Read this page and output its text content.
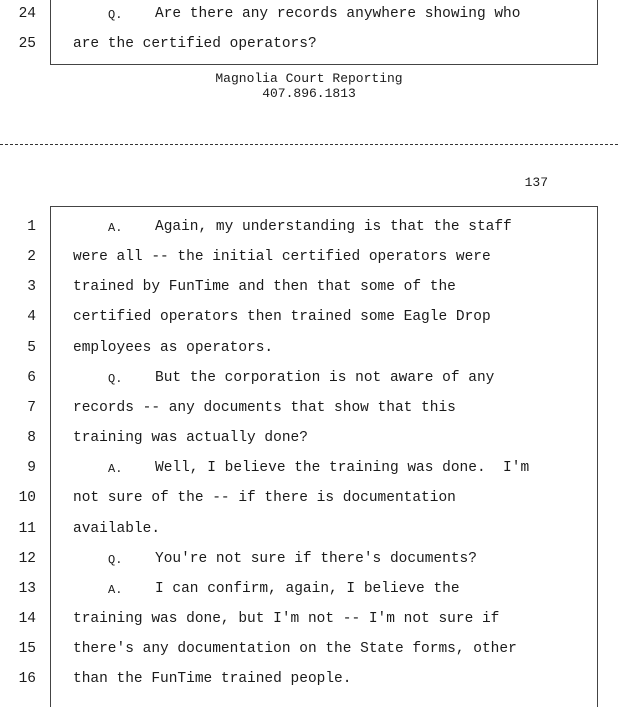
24	Q. Are there any records anywhere showing who
25	are the certified operators?
Magnolia Court Reporting
407.896.1813
137
1	A. Again, my understanding is that the staff
2	were all -- the initial certified operators were
3	trained by FunTime and then that some of the
4	certified operators then trained some Eagle Drop
5	employees as operators.
6	Q. But the corporation is not aware of any
7	records -- any documents that show that this
8	training was actually done?
9	A. Well, I believe the training was done.  I'm
10	not sure of the -- if there is documentation
11	available.
12	Q. You're not sure if there's documents?
13	A. I can confirm, again, I believe the
14	training was done, but I'm not -- I'm not sure if
15	there's any documentation on the State forms, other
16	than the FunTime trained people.
